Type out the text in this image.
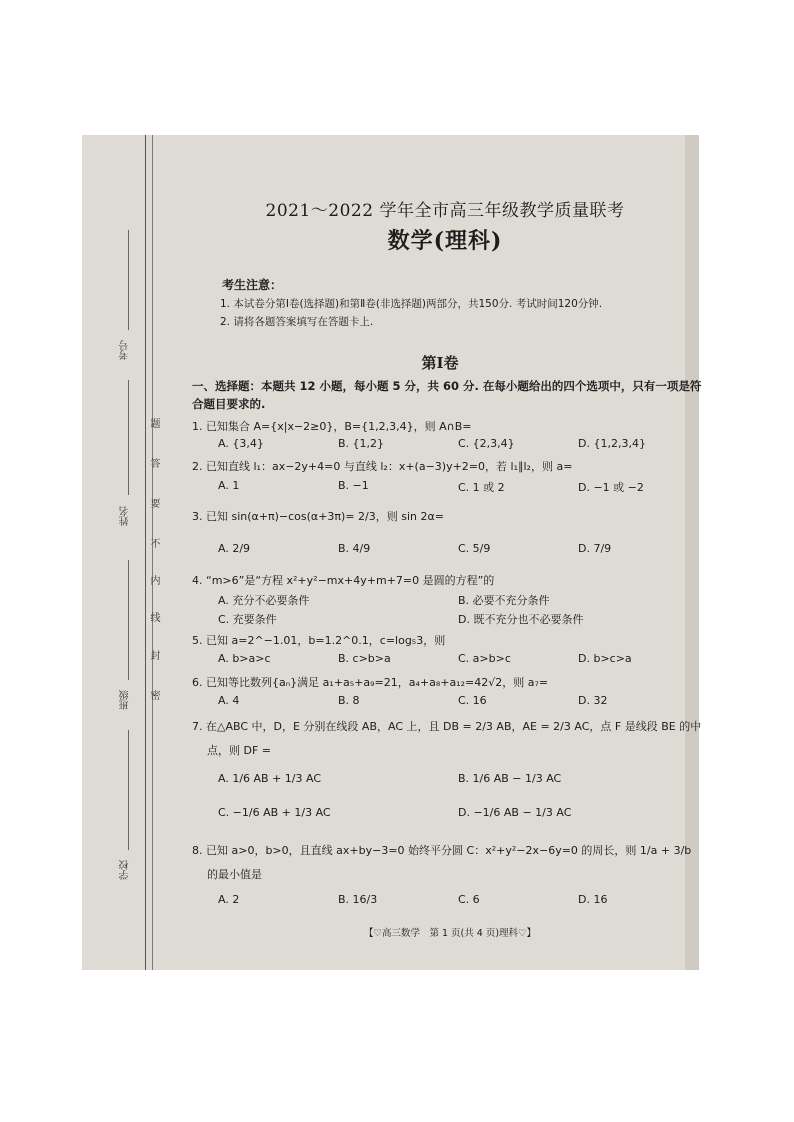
考号
姓名
班级
学校
题
答
要
不
内
线
封
密
2021～2022 学年全市高三年级教学质量联考
数学(理科)
考生注意：
1. 本试卷分第Ⅰ卷(选择题)和第Ⅱ卷(非选择题)两部分，共150分. 考试时间120分钟.
2. 请将各题答案填写在答题卡上.
第Ⅰ卷
一、选择题：本题共 12 小题，每小题 5 分，共 60 分. 在每小题给出的四个选项中，只有一项是符
合题目要求的.
1. 已知集合 A={x|x−2≥0}，B={1,2,3,4}，则 A∩B=
A. {3,4}	B. {1,2}	C. {2,3,4}	D. {1,2,3,4}
2. 已知直线 l₁：ax−2y+4=0 与直线 l₂：x+(a−3)y+2=0，若 l₁∥l₂，则 a=
A. 1	B. −1	C. 1 或 2	D. −1 或 −2
3. 已知 sin(α+π)−cos(α+3π)= 2/3，则 sin 2α=
A. 2/9	B. 4/9	C. 5/9	D. 7/9
4. “m>6”是“方程 x²+y²−mx+4y+m+7=0 是圆的方程”的
A. 充分不必要条件	B. 必要不充分条件
C. 充要条件	D. 既不充分也不必要条件
5. 已知 a=2^−1.01，b=1.2^0.1，c=log₅3，则
A. b>a>c	B. c>b>a	C. a>b>c	D. b>c>a
6. 已知等比数列{aₙ}满足 a₁+a₅+a₉=21，a₄+a₈+a₁₂=42√2，则 a₇=
A. 4	B. 8	C. 16	D. 32
7. 在△ABC 中，D，E 分别在线段 AB，AC 上，且 DB = 2/3 AB，AE = 2/3 AC，点 F 是线段 BE 的中
点，则 DF =
A. 1/6 AB + 1/3 AC	B. 1/6 AB − 1/3 AC
C. −1/6 AB + 1/3 AC	D. −1/6 AB − 1/3 AC
8. 已知 a>0，b>0，且直线 ax+by−3=0 始终平分圆 C：x²+y²−2x−6y=0 的周长，则 1/a + 3/b
的最小值是
A. 2	B. 16/3	C. 6	D. 16
【♡高三数学　第 1 页(共 4 页)理科♡】
